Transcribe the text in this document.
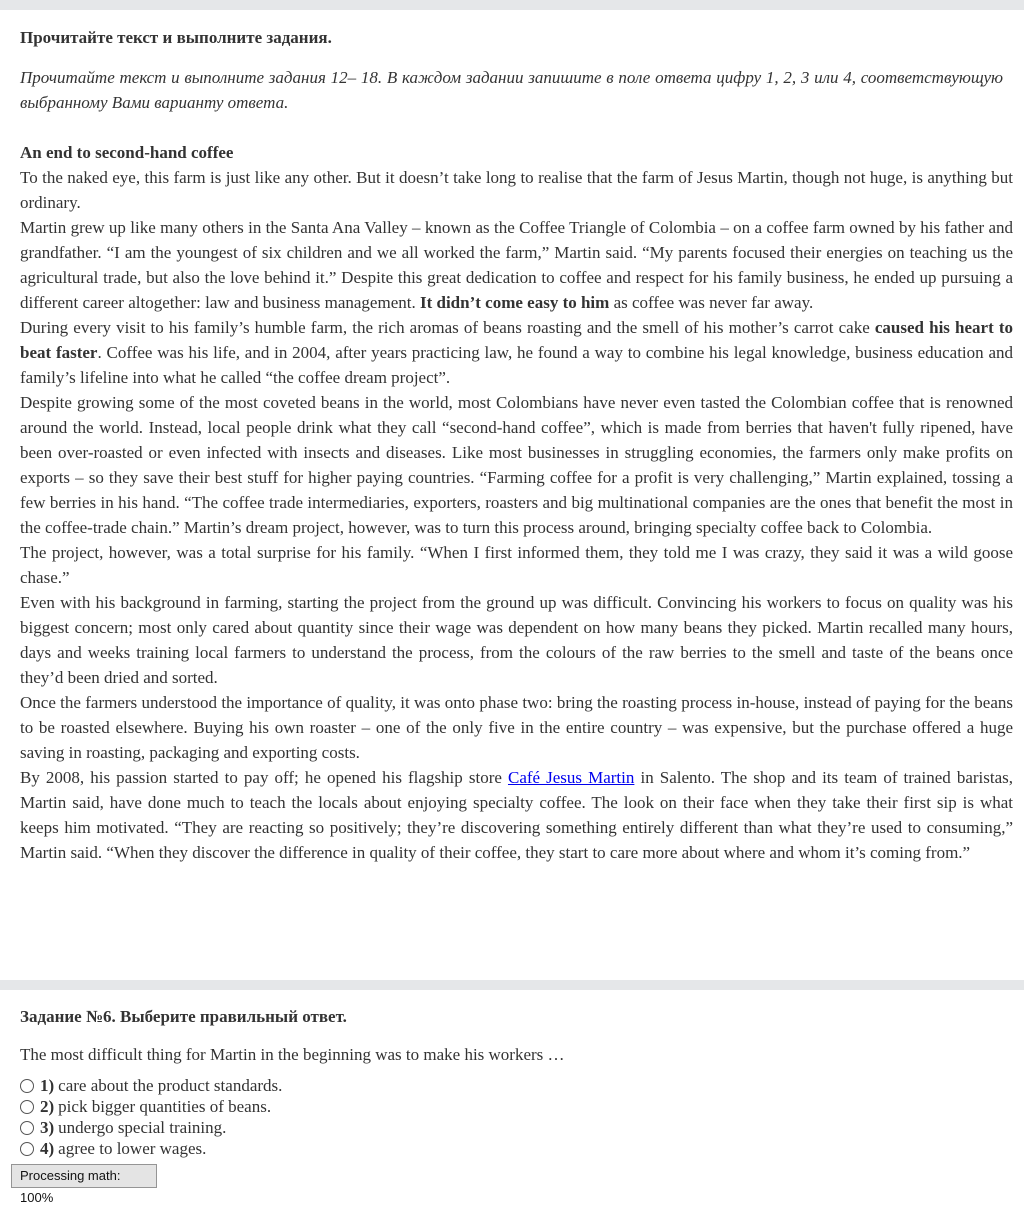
Прочитайте текст и выполните задания.

Прочитайте текст и выполните задания 12– 18. В каждом задании запишите в поле ответа цифру 1, 2, 3 или 4, соответствующую выбранному Вами варианту ответа.

An end to second-hand coffee

To the naked eye, this farm is just like any other. But it doesn’t take long to realise that the farm of Jesus Martin, though not huge, is anything but ordinary.

Martin grew up like many others in the Santa Ana Valley – known as the Coffee Triangle of Colombia – on a coffee farm owned by his father and grandfather. “I am the youngest of six children and we all worked the farm,” Martin said. “My parents focused their energies on teaching us the agricultural trade, but also the love behind it.” Despite this great dedication to coffee and respect for his family business, he ended up pursuing a different career altogether: law and business management. It didn’t come easy to him as coffee was never far away.

During every visit to his family’s humble farm, the rich aromas of beans roasting and the smell of his mother’s carrot cake caused his heart to beat faster. Coffee was his life, and in 2004, after years practicing law, he found a way to combine his legal knowledge, business education and family’s lifeline into what he called “the coffee dream project”.

Despite growing some of the most coveted beans in the world, most Colombians have never even tasted the Colombian coffee that is renowned around the world. Instead, local people drink what they call “second-hand coffee”, which is made from berries that haven't fully ripened, have been over-roasted or even infected with insects and diseases. Like most businesses in struggling economies, the farmers only make profits on exports – so they save their best stuff for higher paying countries. “Farming coffee for a profit is very challenging,” Martin explained, tossing a few berries in his hand. “The coffee trade intermediaries, exporters, roasters and big multinational companies are the ones that benefit the most in the coffee-trade chain.” Martin’s dream project, however, was to turn this process around, bringing specialty coffee back to Colombia.

The project, however, was a total surprise for his family. “When I first informed them, they told me I was crazy, they said it was a wild goose chase.”

Even with his background in farming, starting the project from the ground up was difficult. Convincing his workers to focus on quality was his biggest concern; most only cared about quantity since their wage was dependent on how many beans they picked. Martin recalled many hours, days and weeks training local farmers to understand the process, from the colours of the raw berries to the smell and taste of the beans once they’d been dried and sorted.

Once the farmers understood the importance of quality, it was onto phase two: bring the roasting process in-house, instead of paying for the beans to be roasted elsewhere. Buying his own roaster – one of the only five in the entire country – was expensive, but the purchase offered a huge saving in roasting, packaging and exporting costs.

By 2008, his passion started to pay off; he opened his flagship store Café Jesus Martin in Salento. The shop and its team of trained baristas, Martin said, have done much to teach the locals about enjoying specialty coffee. The look on their face when they take their first sip is what keeps him motivated. “They are reacting so positively; they’re discovering something entirely different than what they’re used to consuming,” Martin said. “When they discover the difference in quality of their coffee, they start to care more about where and whom it’s coming from.”

Задание №6. Выберите правильный ответ.

The most difficult thing for Martin in the beginning was to make his workers …

1) care about the product standards.
2) pick bigger quantities of beans.
3) undergo special training.
4) agree to lower wages.
Processing math: 100%
